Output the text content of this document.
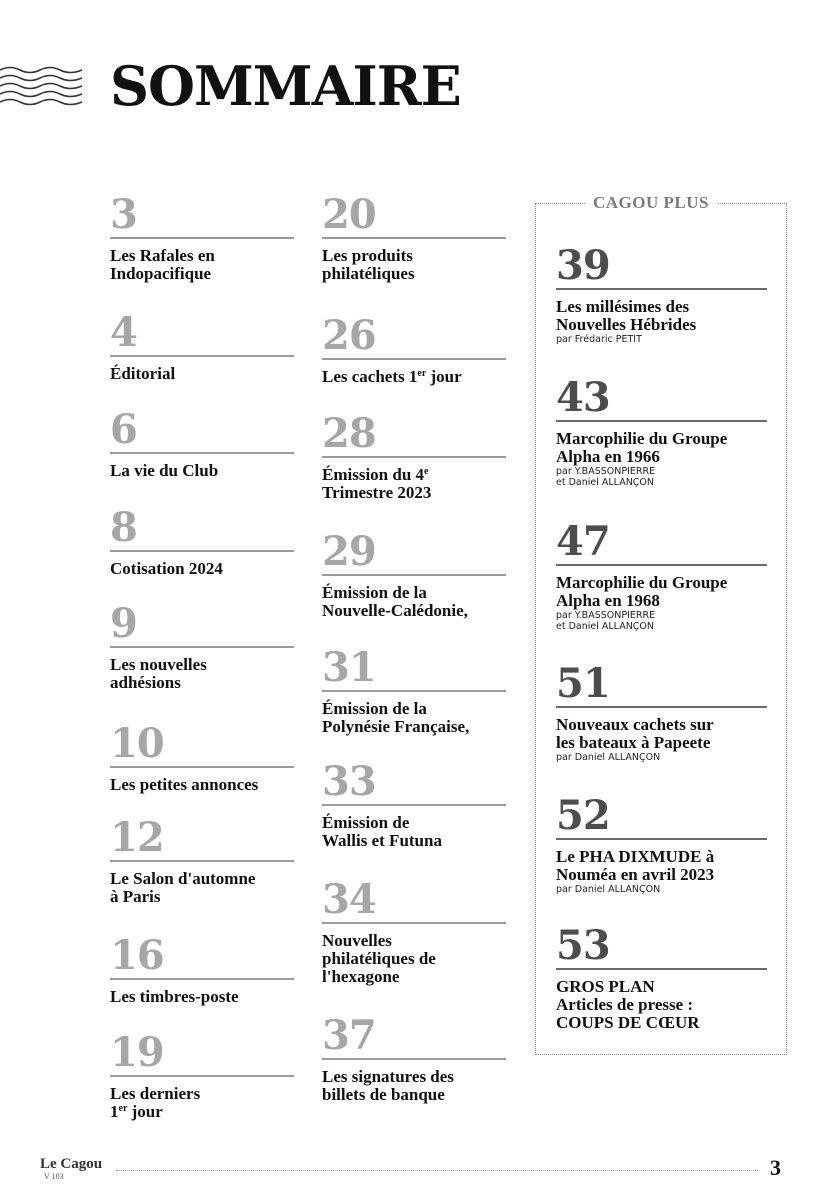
SOMMAIRE
3
Les Rafales en
Indopacifique
4
Éditorial
6
La vie du Club
8
Cotisation 2024
9
Les nouvelles
adhésions
10
Les petites annonces
12
Le Salon d'automne
à Paris
16
Les timbres-poste
19
Les derniers
1er jour
20
Les produits
philatéliques
26
Les cachets 1er jour
28
Émission du 4e
Trimestre 2023
29
Émission de la
Nouvelle-Calédonie,
31
Émission de la
Polynésie Française,
33
Émission de
Wallis et Futuna
34
Nouvelles
philatéliques de
l'hexagone
37
Les signatures des
billets de banque
CAGOU PLUS
39
Les millésimes des
Nouvelles Hébrides
par Frédaric PETIT
43
Marcophilie du Groupe
Alpha en 1966
par Y.BASSONPIERRE
et Daniel ALLANÇON
47
Marcophilie du Groupe
Alpha en 1968
par Y.BASSONPIERRE
et Daniel ALLANÇON
51
Nouveaux cachets sur
les bateaux à Papeete
par Daniel ALLANÇON
52
Le PHA DIXMUDE à
Nouméa en avril 2023
par Daniel ALLANÇON
53
GROS PLAN
Articles de presse :
COUPS DE CŒUR
Le Cagou
V 103	3
